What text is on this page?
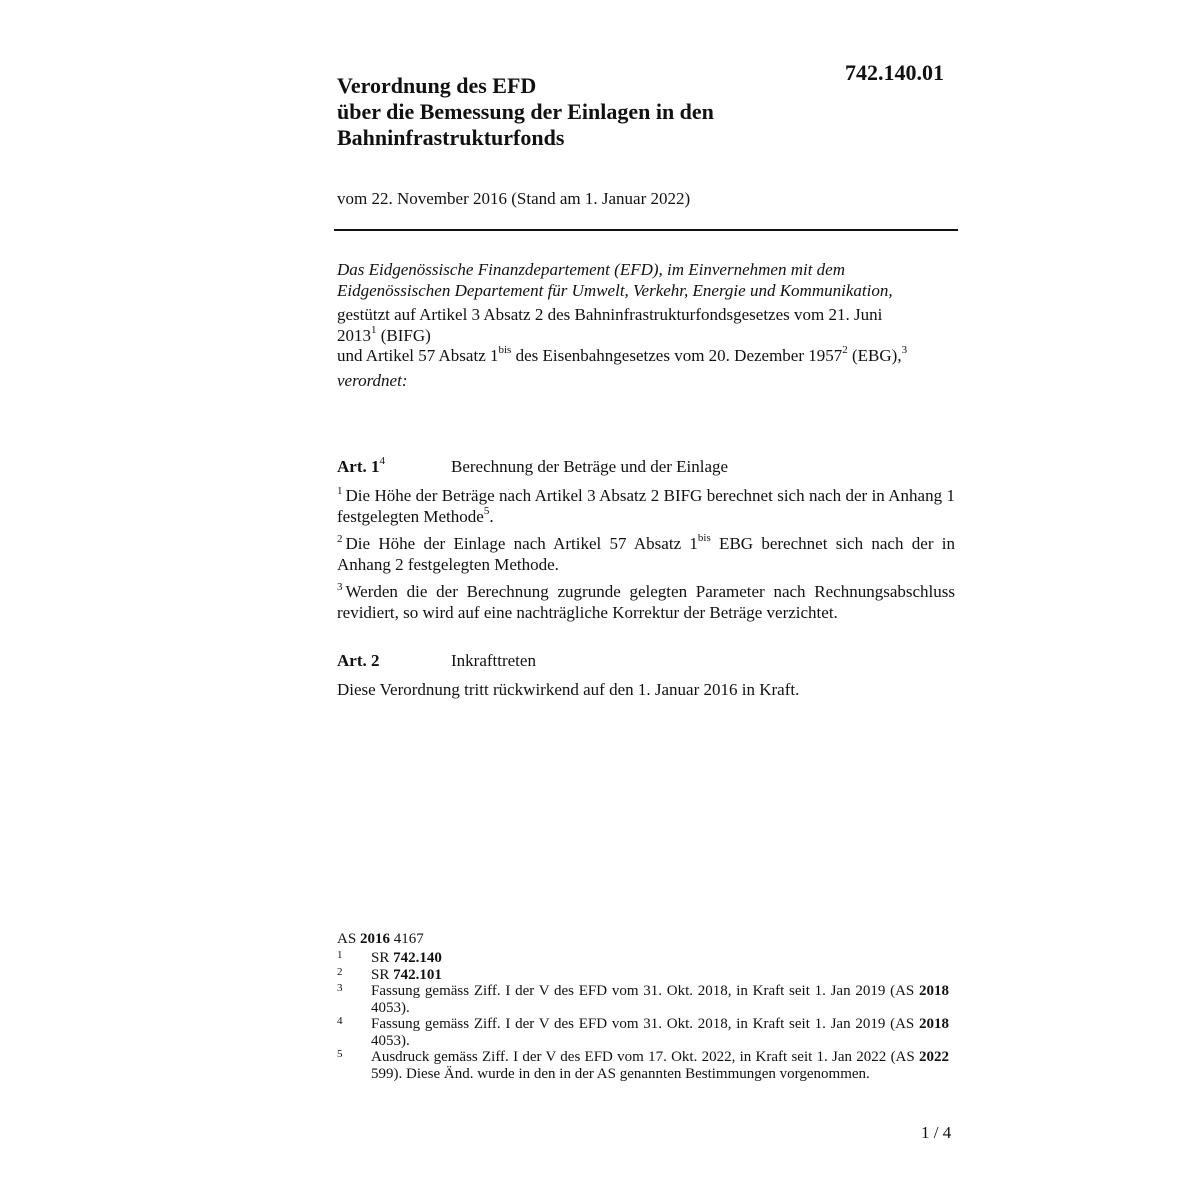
742.140.01
Verordnung des EFD
über die Bemessung der Einlagen in den
Bahninfrastrukturfonds
vom 22. November 2016 (Stand am 1. Januar 2022)
Das Eidgenössische Finanzdepartement (EFD), im Einvernehmen mit dem
Eidgenössischen Departement für Umwelt, Verkehr, Energie und Kommunikation,
gestützt auf Artikel 3 Absatz 2 des Bahninfrastrukturfondsgesetzes vom 21. Juni
2013$^1$ (BIFG)
und Artikel 57 Absatz $1^{bis}$ des Eisenbahngesetzes vom 20. Dezember 1957$^2$ (EBG),$^3$
verordnet:
Art. $1^4$	Berechnung der Beträge und der Einlage
$^1$ Die Höhe der Beträge nach Artikel 3 Absatz 2 BIFG berechnet sich nach der in Anhang 1 festgelegten Methode$^5$.
$^2$ Die Höhe der Einlage nach Artikel 57 Absatz $1^{bis}$ EBG berechnet sich nach der in Anhang 2 festgelegten Methode.
$^3$ Werden die der Berechnung zugrunde gelegten Parameter nach Rechnungsabschluss revidiert, so wird auf eine nachträgliche Korrektur der Beträge verzichtet.
Art. 2	Inkrafttreten
Diese Verordnung tritt rückwirkend auf den 1. Januar 2016 in Kraft.
AS 2016 4167
1 SR 742.140
2 SR 742.101
3 Fassung gemäss Ziff. I der V des EFD vom 31. Okt. 2018, in Kraft seit 1. Jan 2019 (AS 2018 4053).
4 Fassung gemäss Ziff. I der V des EFD vom 31. Okt. 2018, in Kraft seit 1. Jan 2019 (AS 2018 4053).
5 Ausdruck gemäss Ziff. I der V des EFD vom 17. Okt. 2022, in Kraft seit 1. Jan 2022 (AS 2022 599). Diese Änd. wurde in den in der AS genannten Bestimmungen vorgenommen.
1 / 4
